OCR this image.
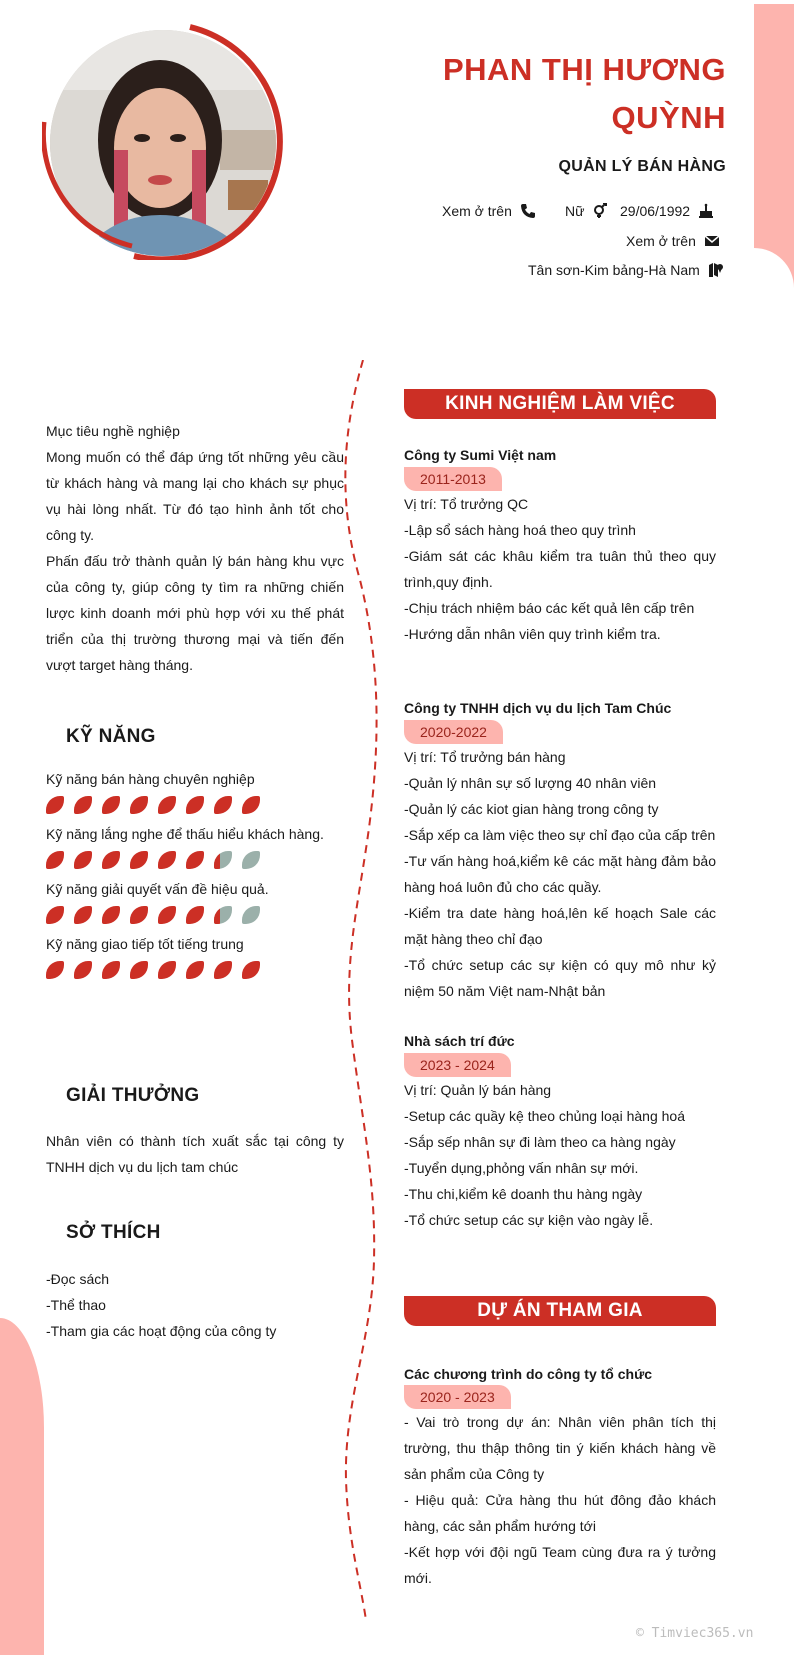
PHAN THỊ HƯƠNG QUỲNH
QUẢN LÝ BÁN HÀNG
Xem ở trên	Nữ	29/06/1992
Xem ở trên
Tân sơn-Kim bảng-Hà Nam
Mục tiêu nghề nghiệp
Mong muốn có thể đáp ứng tốt những yêu cầu từ khách hàng và mang lại cho khách sự phục vụ hài lòng nhất. Từ đó tạo hình ảnh tốt cho công ty.
Phấn đấu trở thành quản lý bán hàng khu vực của công ty, giúp công ty tìm ra những chiến lược kinh doanh mới phù hợp với xu thế phát triển của thị trường thương mại và tiến đến vượt target hàng tháng.
KỸ NĂNG
Kỹ năng bán hàng chuyên nghiệp
Kỹ năng lắng nghe để thấu hiểu khách hàng.
Kỹ năng giải quyết vấn đề hiệu quả.
Kỹ năng giao tiếp tốt tiếng trung
GIẢI THƯỞNG
Nhân viên có thành tích xuất sắc tại công ty TNHH dịch vụ du lịch tam chúc
SỞ THÍCH
-Đọc sách
-Thể thao
-Tham gia các hoạt động của công ty
KINH NGHIỆM LÀM VIỆC
Công ty Sumi Việt nam
2011-2013
Vị trí: Tổ trưởng QC
-Lập sổ sách hàng hoá theo quy trình
-Giám sát các khâu kiểm tra tuân thủ theo quy trình,quy định.
-Chịu trách nhiệm báo các kết quả lên cấp trên
-Hướng dẫn nhân viên quy trình kiểm tra.
Công ty TNHH dịch vụ du lịch Tam Chúc
2020-2022
Vị trí: Tổ trưởng bán hàng
-Quản lý nhân sự số lượng 40 nhân viên
-Quản lý các kiot gian hàng trong công ty
-Sắp xếp ca làm việc theo sự chỉ đạo của cấp trên
-Tư vấn hàng hoá,kiểm kê các mặt hàng đảm bảo hàng hoá luôn đủ cho các quầy.
-Kiểm tra date hàng hoá,lên kế hoạch Sale các mặt hàng theo chỉ đạo
-Tổ chức setup các sự kiện có quy mô như kỷ niệm 50 năm Việt nam-Nhật bản
Nhà sách trí đức
2023 - 2024
Vị trí: Quản lý bán hàng
-Setup các quầy kệ theo chủng loại hàng hoá
-Sắp sếp nhân sự đi làm theo ca hàng ngày
-Tuyển dụng,phỏng vấn nhân sự mới.
-Thu chi,kiểm kê doanh thu hàng ngày
-Tổ chức setup các sự kiện vào ngày lễ.
DỰ ÁN THAM GIA
Các chương trình do công ty tổ chức
2020 - 2023
- Vai trò trong dự án: Nhân viên phân tích thị trường, thu thập thông tin ý kiến khách hàng về sản phẩm của Công ty
- Hiệu quả: Cửa hàng thu hút đông đảo khách hàng, các sản phẩm hướng tới
-Kết hợp với đội ngũ Team cùng đưa ra ý tưởng mới.
© Timviec365.vn
